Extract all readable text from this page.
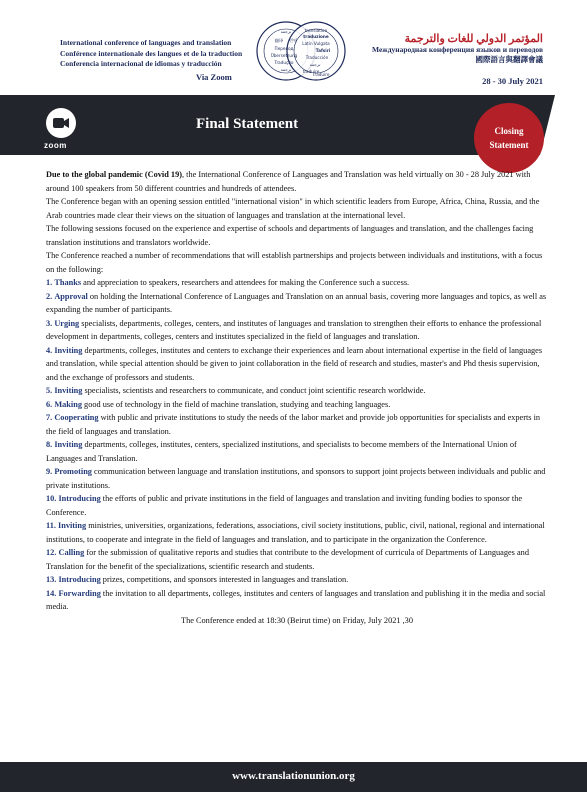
International conference of languages and translation
Conférence internationale des langues et de la traduction
Conferencia internacional de idiomas y traducción
Via Zoom
ترجمة	translation
traduzione
翻译 번역
Latin Vulgata
Перевод	Tafsiri
Übersetzung Traducción
Tradução	ترجمه
ترجمة	traduire
Traduire
المؤتمر الدولي للغات والترجمة
Международная конференция языков и переводов
國際語言與翻譯會議
28 - 30 July 2021
zoom
Final Statement	Closing
Statement

Due to the global pandemic (Covid 19), the International Conference of Languages and Translation was held virtually on 30 - 28 July 2021 with around 100 speakers from 50 different countries and hundreds of attendees.

The Conference began with an opening session entitled "international vision" in which scientific leaders from Europe, Africa, China, Russia, and the Arab countries made clear their views on the situation of languages and translation at the international level.

The following sessions focused on the experience and expertise of schools and departments of languages and translation, and the challenges facing translation institutions and translators worldwide.

The Conference reached a number of recommendations that will establish partnerships and projects between individuals and institutions, with a focus on the following:

1. Thanks and appreciation to speakers, researchers and attendees for making the Conference such a success.

2. Approval on holding the International Conference of Languages and Translation on an annual basis, covering more languages and topics, as well as expanding the number of participants.

3. Urging specialists, departments, colleges, centers, and institutes of languages and translation to strengthen their efforts to enhance the professional development in departments, colleges, centers and institutes specialized in the field of languages and translation.

4. Inviting departments, colleges, institutes and centers to exchange their experiences and learn about international expertise in the field of languages and translation, while special attention should be given to joint collaboration in the field of research and studies, master's and Phd thesis supervision, and the exchange of professors and students.

5. Inviting specialists, scientists and researchers to communicate, and conduct joint scientific research worldwide.

6. Making good use of technology in the field of machine translation, studying and teaching languages.

7. Cooperating with public and private institutions to study the needs of the labor market and provide job opportunities for specialists and experts in the field of languages and translation.

8. Inviting departments, colleges, institutes, centers, specialized institutions, and specialists to become members of the International Union of Languages and Translation.

9. Promoting communication between language and translation institutions, and sponsors to support joint projects between individuals and public and private institutions.

10. Introducing the efforts of public and private institutions in the field of languages and translation and inviting funding bodies to sponsor the Conference.

11. Inviting ministries, universities, organizations, federations, associations, civil society institutions, public, civil, national, regional and international institutions, to cooperate and integrate in the field of languages and translation, and to participate in the organization the Conference.

12. Calling for the submission of qualitative reports and studies that contribute to the development of curricula of Departments of Languages and Translation for the benefit of the specializations, scientific research and students.

13. Introducing prizes, competitions, and sponsors interested in languages and translation.

14. Forwarding the invitation to all departments, colleges, institutes and centers of languages and translation and publishing it in the media and social media.

The Conference ended at 18:30 (Beirut time) on Friday, July 2021 ,30

www.translationunion.org
